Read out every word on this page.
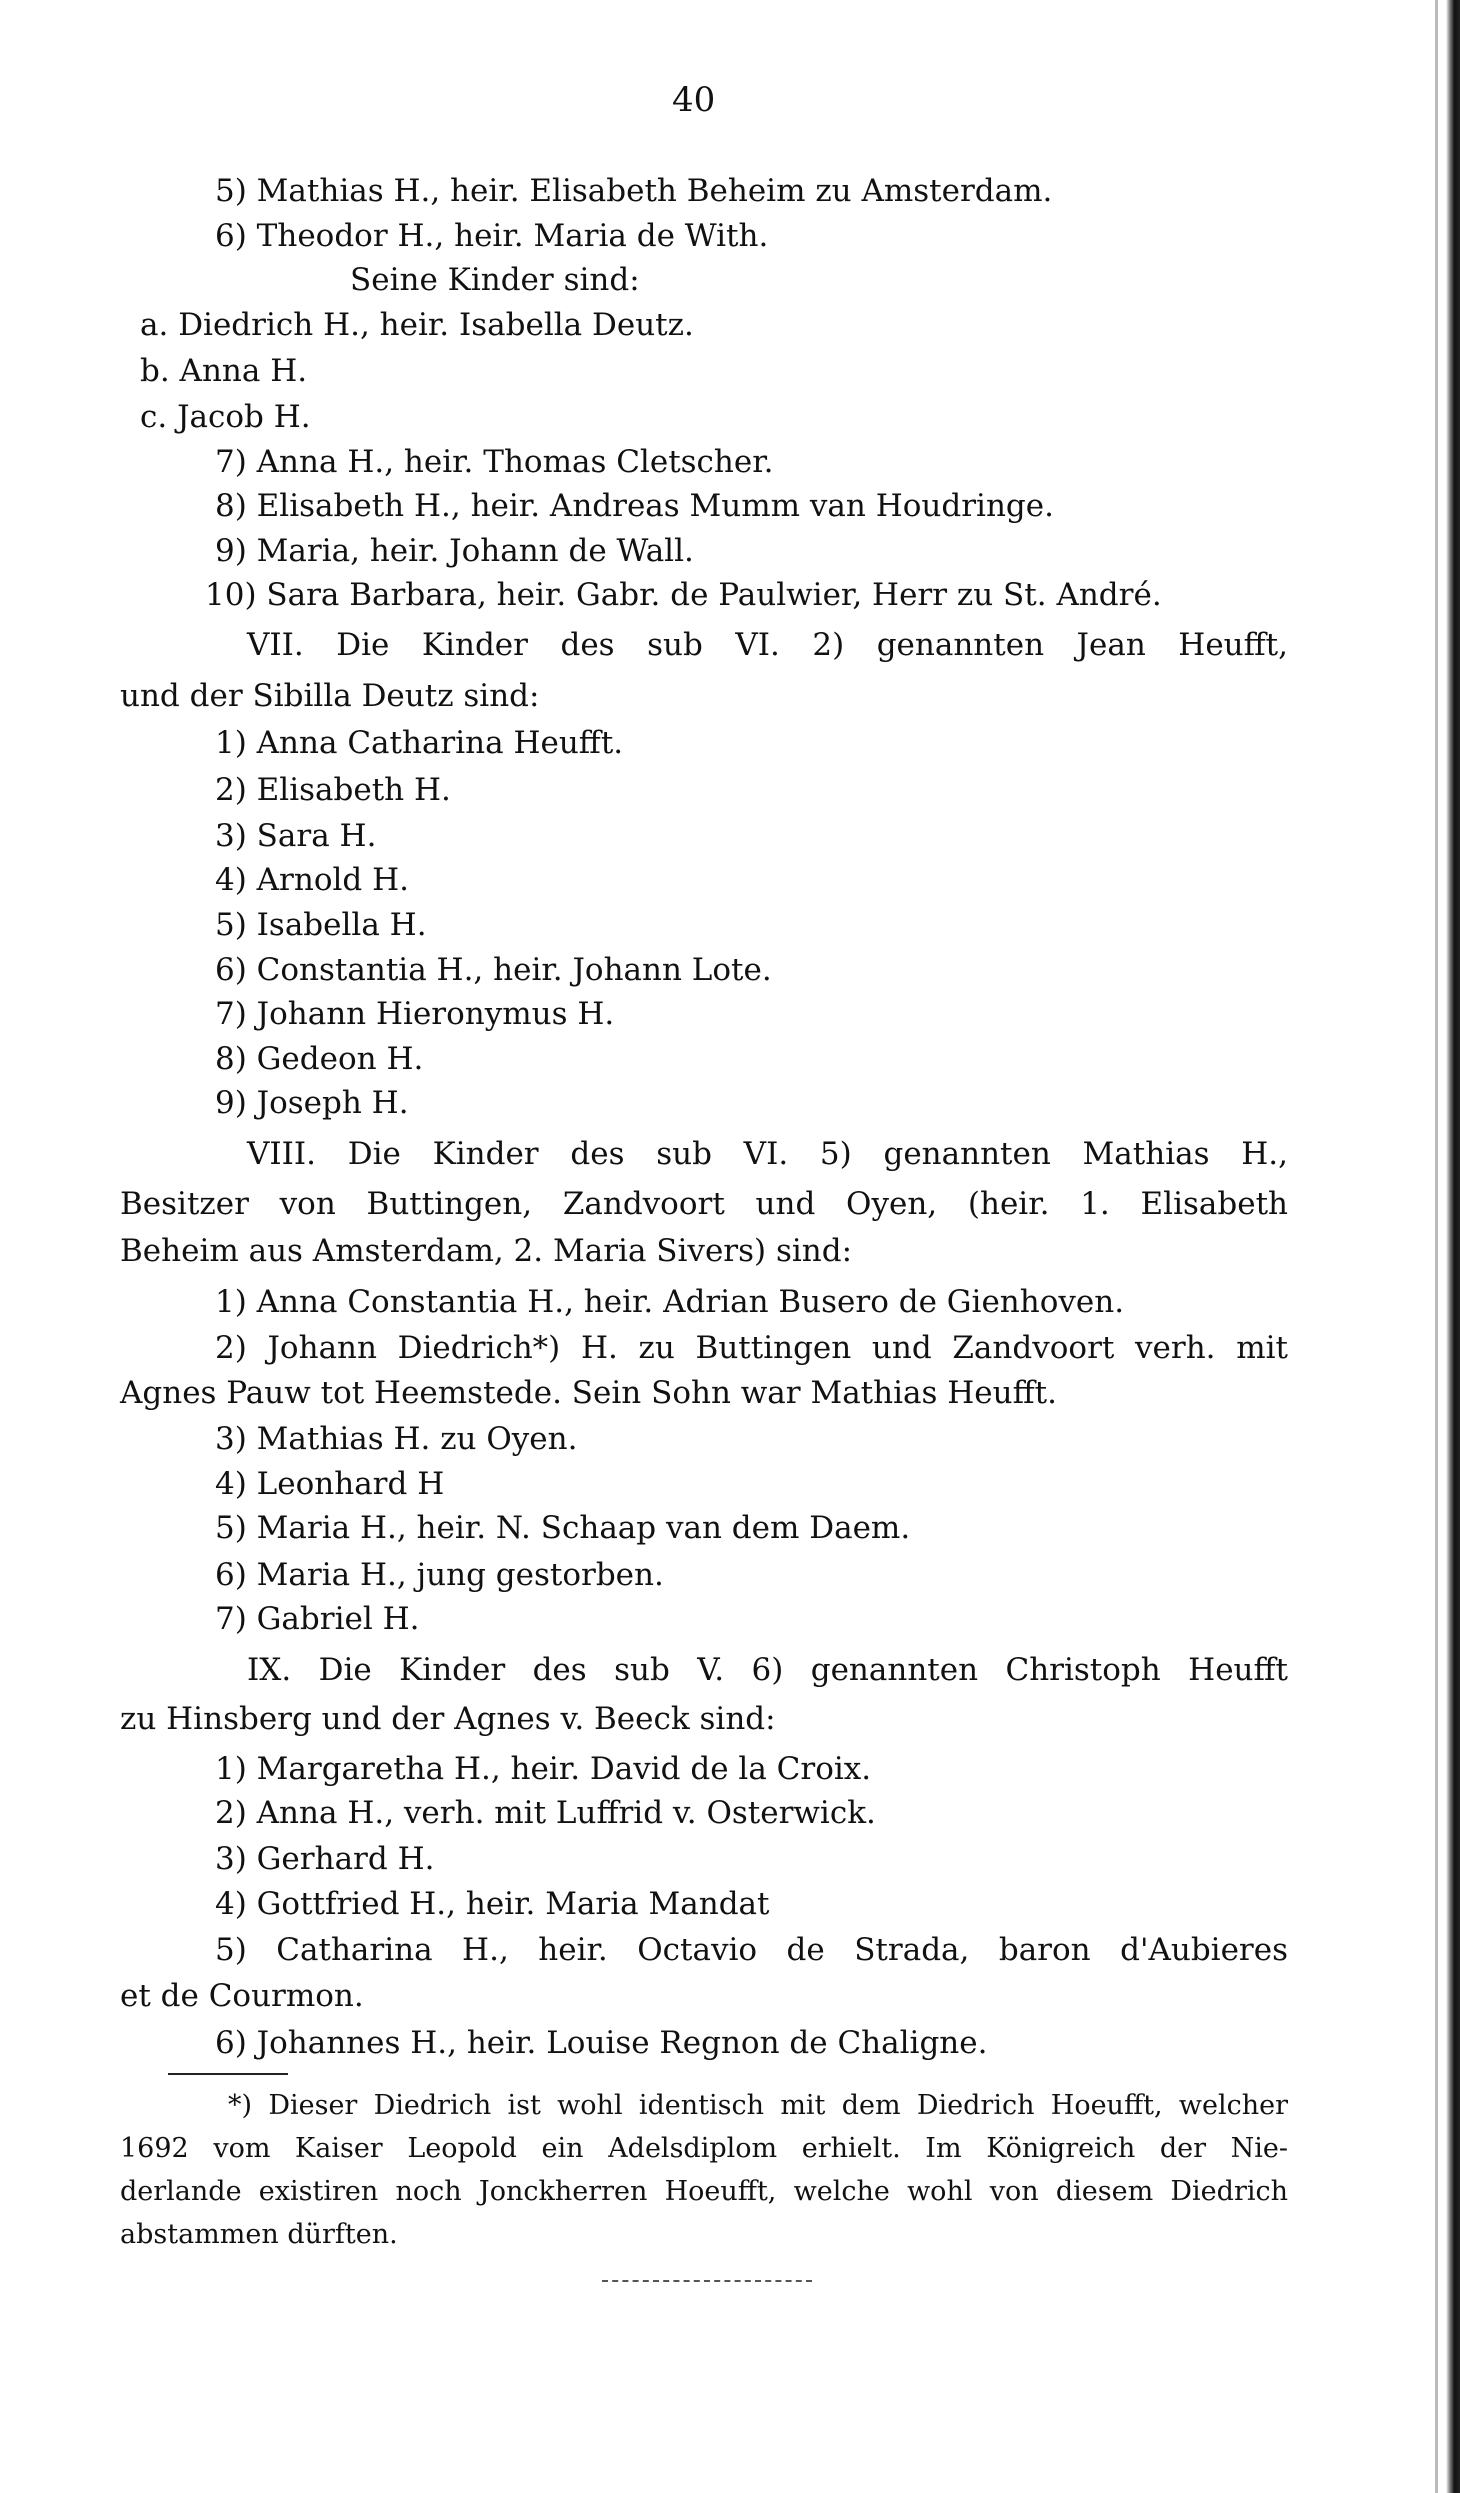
40
5) Mathias H., heir. Elisabeth Beheim zu Amsterdam.
6) Theodor H., heir. Maria de With.
Seine Kinder sind:
a. Diedrich H., heir. Isabella Deutz.
b. Anna H.
c. Jacob H.
7) Anna H., heir. Thomas Cletscher.
8) Elisabeth H., heir. Andreas Mumm van Houdringe.
9) Maria, heir. Johann de Wall.
10) Sara Barbara, heir. Gabr. de Paulwier, Herr zu St. André.
VII. Die Kinder des sub VI. 2) genannten Jean Heufft,
und der Sibilla Deutz sind:
1) Anna Catharina Heufft.
2) Elisabeth H.
3) Sara H.
4) Arnold H.
5) Isabella H.
6) Constantia H., heir. Johann Lote.
7) Johann Hieronymus H.
8) Gedeon H.
9) Joseph H.
VIII. Die Kinder des sub VI. 5) genannten Mathias H.,
Besitzer von Buttingen, Zandvoort und Oyen, (heir. 1. Elisabeth
Beheim aus Amsterdam, 2. Maria Sivers) sind:
1) Anna Constantia H., heir. Adrian Busero de Gienhoven.
2) Johann Diedrich*) H. zu Buttingen und Zandvoort verh. mit
Agnes Pauw tot Heemstede. Sein Sohn war Mathias Heufft.
3) Mathias H. zu Oyen.
4) Leonhard H
5) Maria H., heir. N. Schaap van dem Daem.
6) Maria H., jung gestorben.
7) Gabriel H.
IX. Die Kinder des sub V. 6) genannten Christoph Heufft
zu Hinsberg und der Agnes v. Beeck sind:
1) Margaretha H., heir. David de la Croix.
2) Anna H., verh. mit Luffrid v. Osterwick.
3) Gerhard H.
4) Gottfried H., heir. Maria Mandat
5) Catharina H., heir. Octavio de Strada, baron d'Aubieres
et de Courmon.
6) Johannes H., heir. Louise Regnon de Chaligne.
*) Dieser Diedrich ist wohl identisch mit dem Diedrich Hoeufft, welcher
1692 vom Kaiser Leopold ein Adelsdiplom erhielt. Im Königreich der Nie-
derlande existiren noch Jonckherren Hoeufft, welche wohl von diesem Diedrich
abstammen dürften.
